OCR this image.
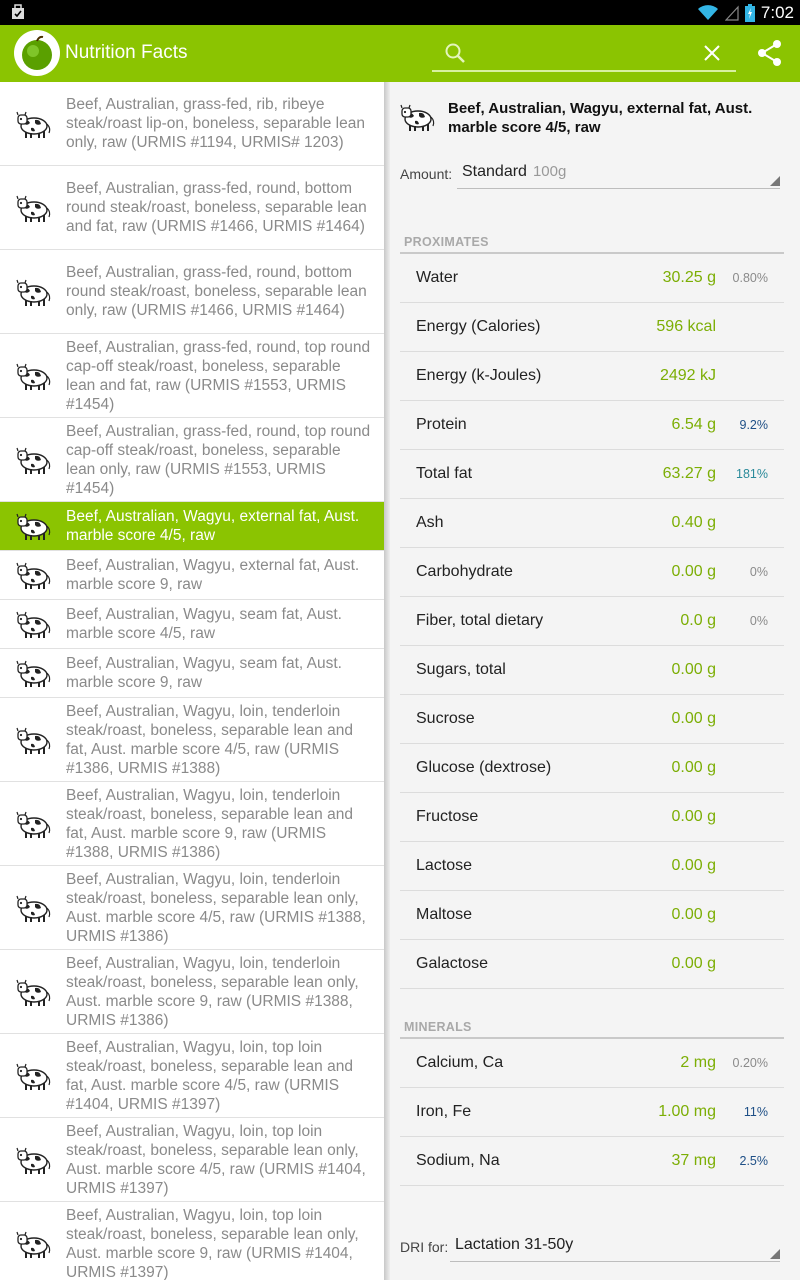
7:02
Nutrition Facts
Beef, Australian, grass-fed, rib, ribeye steak/roast lip-on, boneless, separable lean only, raw (URMIS #1194, URMIS# 1203)
Beef, Australian, grass-fed, round, bottom round steak/roast, boneless, separable lean and fat, raw (URMIS #1466, URMIS #1464)
Beef, Australian, grass-fed, round, bottom round steak/roast, boneless, separable lean only, raw (URMIS #1466, URMIS #1464)
Beef, Australian, grass-fed, round, top round cap-off steak/roast, boneless, separable lean and fat, raw (URMIS #1553, URMIS #1454)
Beef, Australian, grass-fed, round, top round cap-off steak/roast, boneless, separable lean only, raw (URMIS #1553, URMIS #1454)
Beef, Australian, Wagyu, external fat, Aust. marble score 4/5, raw
Beef, Australian, Wagyu, external fat, Aust. marble score 9, raw
Beef, Australian, Wagyu, seam fat, Aust. marble score 4/5, raw
Beef, Australian, Wagyu, seam fat, Aust. marble score 9, raw
Beef, Australian, Wagyu, loin, tenderloin steak/roast, boneless, separable lean and fat, Aust. marble score 4/5, raw (URMIS #1386, URMIS #1388)
Beef, Australian, Wagyu, loin, tenderloin steak/roast, boneless, separable lean and fat, Aust. marble score 9, raw (URMIS #1388, URMIS #1386)
Beef, Australian, Wagyu, loin, tenderloin steak/roast, boneless, separable lean only, Aust. marble score 4/5, raw (URMIS #1388, URMIS #1386)
Beef, Australian, Wagyu, loin, tenderloin steak/roast, boneless, separable lean only, Aust. marble score 9, raw (URMIS #1388, URMIS #1386)
Beef, Australian, Wagyu, loin, top loin steak/roast, boneless, separable lean and fat, Aust. marble score 4/5, raw (URMIS #1404, URMIS #1397)
Beef, Australian, Wagyu, loin, top loin steak/roast, boneless, separable lean only, Aust. marble score 4/5, raw (URMIS #1404, URMIS #1397)
Beef, Australian, Wagyu, loin, top loin steak/roast, boneless, separable lean only, Aust. marble score 9, raw (URMIS #1404, URMIS #1397)
Beef, Australian, Wagyu, external fat, Aust. marble score 4/5, raw
Amount: Standard 100g
PROXIMATES
Water	30.25 g 0.80%
Energy (Calories)	596 kcal
Energy (k-Joules)	2492 kJ
Protein	6.54 g 9.2%
Total fat	63.27 g 181%
Ash	0.40 g
Carbohydrate	0.00 g	0%
Fiber, total dietary	0.0 g	0%
Sugars, total	0.00 g
Sucrose	0.00 g
Glucose (dextrose)	0.00 g
Fructose	0.00 g
Lactose	0.00 g
Maltose	0.00 g
Galactose	0.00 g
MINERALS
Calcium, Ca	2 mg 0.20%
Iron, Fe	1.00 mg 11%
Sodium, Na	37 mg 2.5%
DRI for: Lactation 31-50y
